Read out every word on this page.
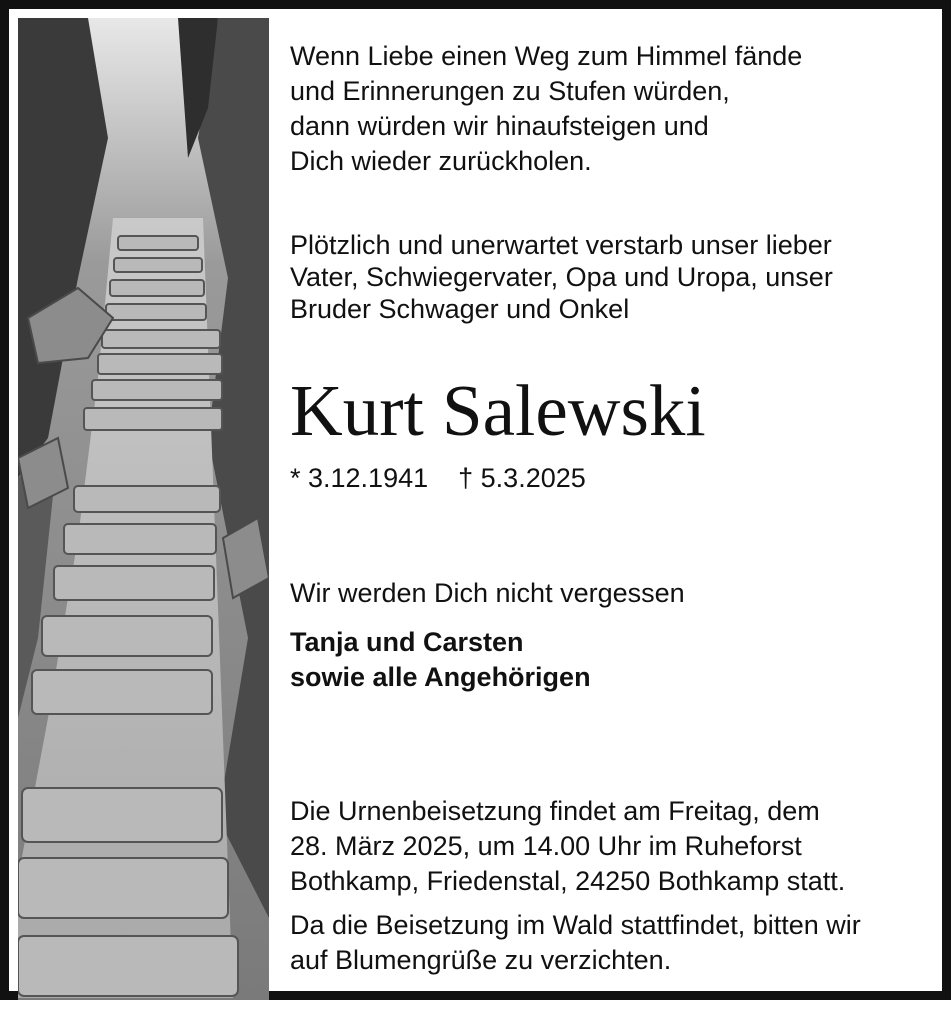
Wenn Liebe einen Weg zum Himmel fände
und Erinnerungen zu Stufen würden,
dann würden wir hinaufsteigen und
Dich wieder zurückholen.

Plötzlich und unerwartet verstarb unser lieber
Vater, Schwiegervater, Opa und Uropa, unser
Bruder Schwager und Onkel

Kurt Salewski

* 3.12.1941 † 5.3.2025

Wir werden Dich nicht vergessen

Tanja und Carsten
sowie alle Angehörigen

Die Urnenbeisetzung findet am Freitag, dem
28. März 2025, um 14.00 Uhr im Ruheforst
Bothkamp, Friedenstal, 24250 Bothkamp statt.

Da die Beisetzung im Wald stattfindet, bitten wir
auf Blumengrüße zu verzichten.
